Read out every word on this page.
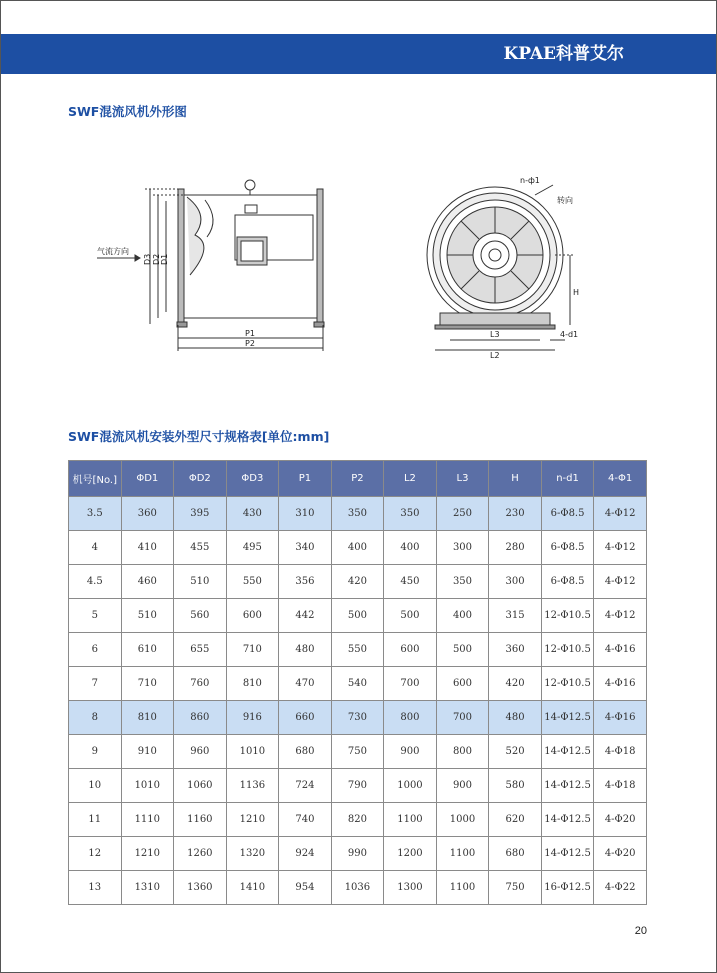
KPAE科普艾尔
SWF混流风机外形图
气流方向
D3 D2 D1
P1
P2
n-ф1
转向
H
L3
L2
4-d1
SWF混流风机安装外型尺寸规格表[单位:mm]
机号[No.]	ΦD1	ΦD2	ΦD3	P1	P2	L2	L3	H	n-d1	4-Φ1
3.5	360	395	430	310	350	350	250	230	6-Φ8.5	4-Φ12
4	410	455	495	340	400	400	300	280	6-Φ8.5	4-Φ12
4.5	460	510	550	356	420	450	350	300	6-Φ8.5	4-Φ12
5	510	560	600	442	500	500	400	315	12-Φ10.5	4-Φ12
6	610	655	710	480	550	600	500	360	12-Φ10.5	4-Φ16
7	710	760	810	470	540	700	600	420	12-Φ10.5	4-Φ16
8	810	860	916	660	730	800	700	480	14-Φ12.5	4-Φ16
9	910	960	1010	680	750	900	800	520	14-Φ12.5	4-Φ18
10	1010	1060	1136	724	790	1000	900	580	14-Φ12.5	4-Φ18
11	1110	1160	1210	740	820	1100	1000	620	14-Φ12.5	4-Φ20
12	1210	1260	1320	924	990	1200	1100	680	14-Φ12.5	4-Φ20
13	1310	1360	1410	954	1036	1300	1100	750	16-Φ12.5	4-Φ22
20
